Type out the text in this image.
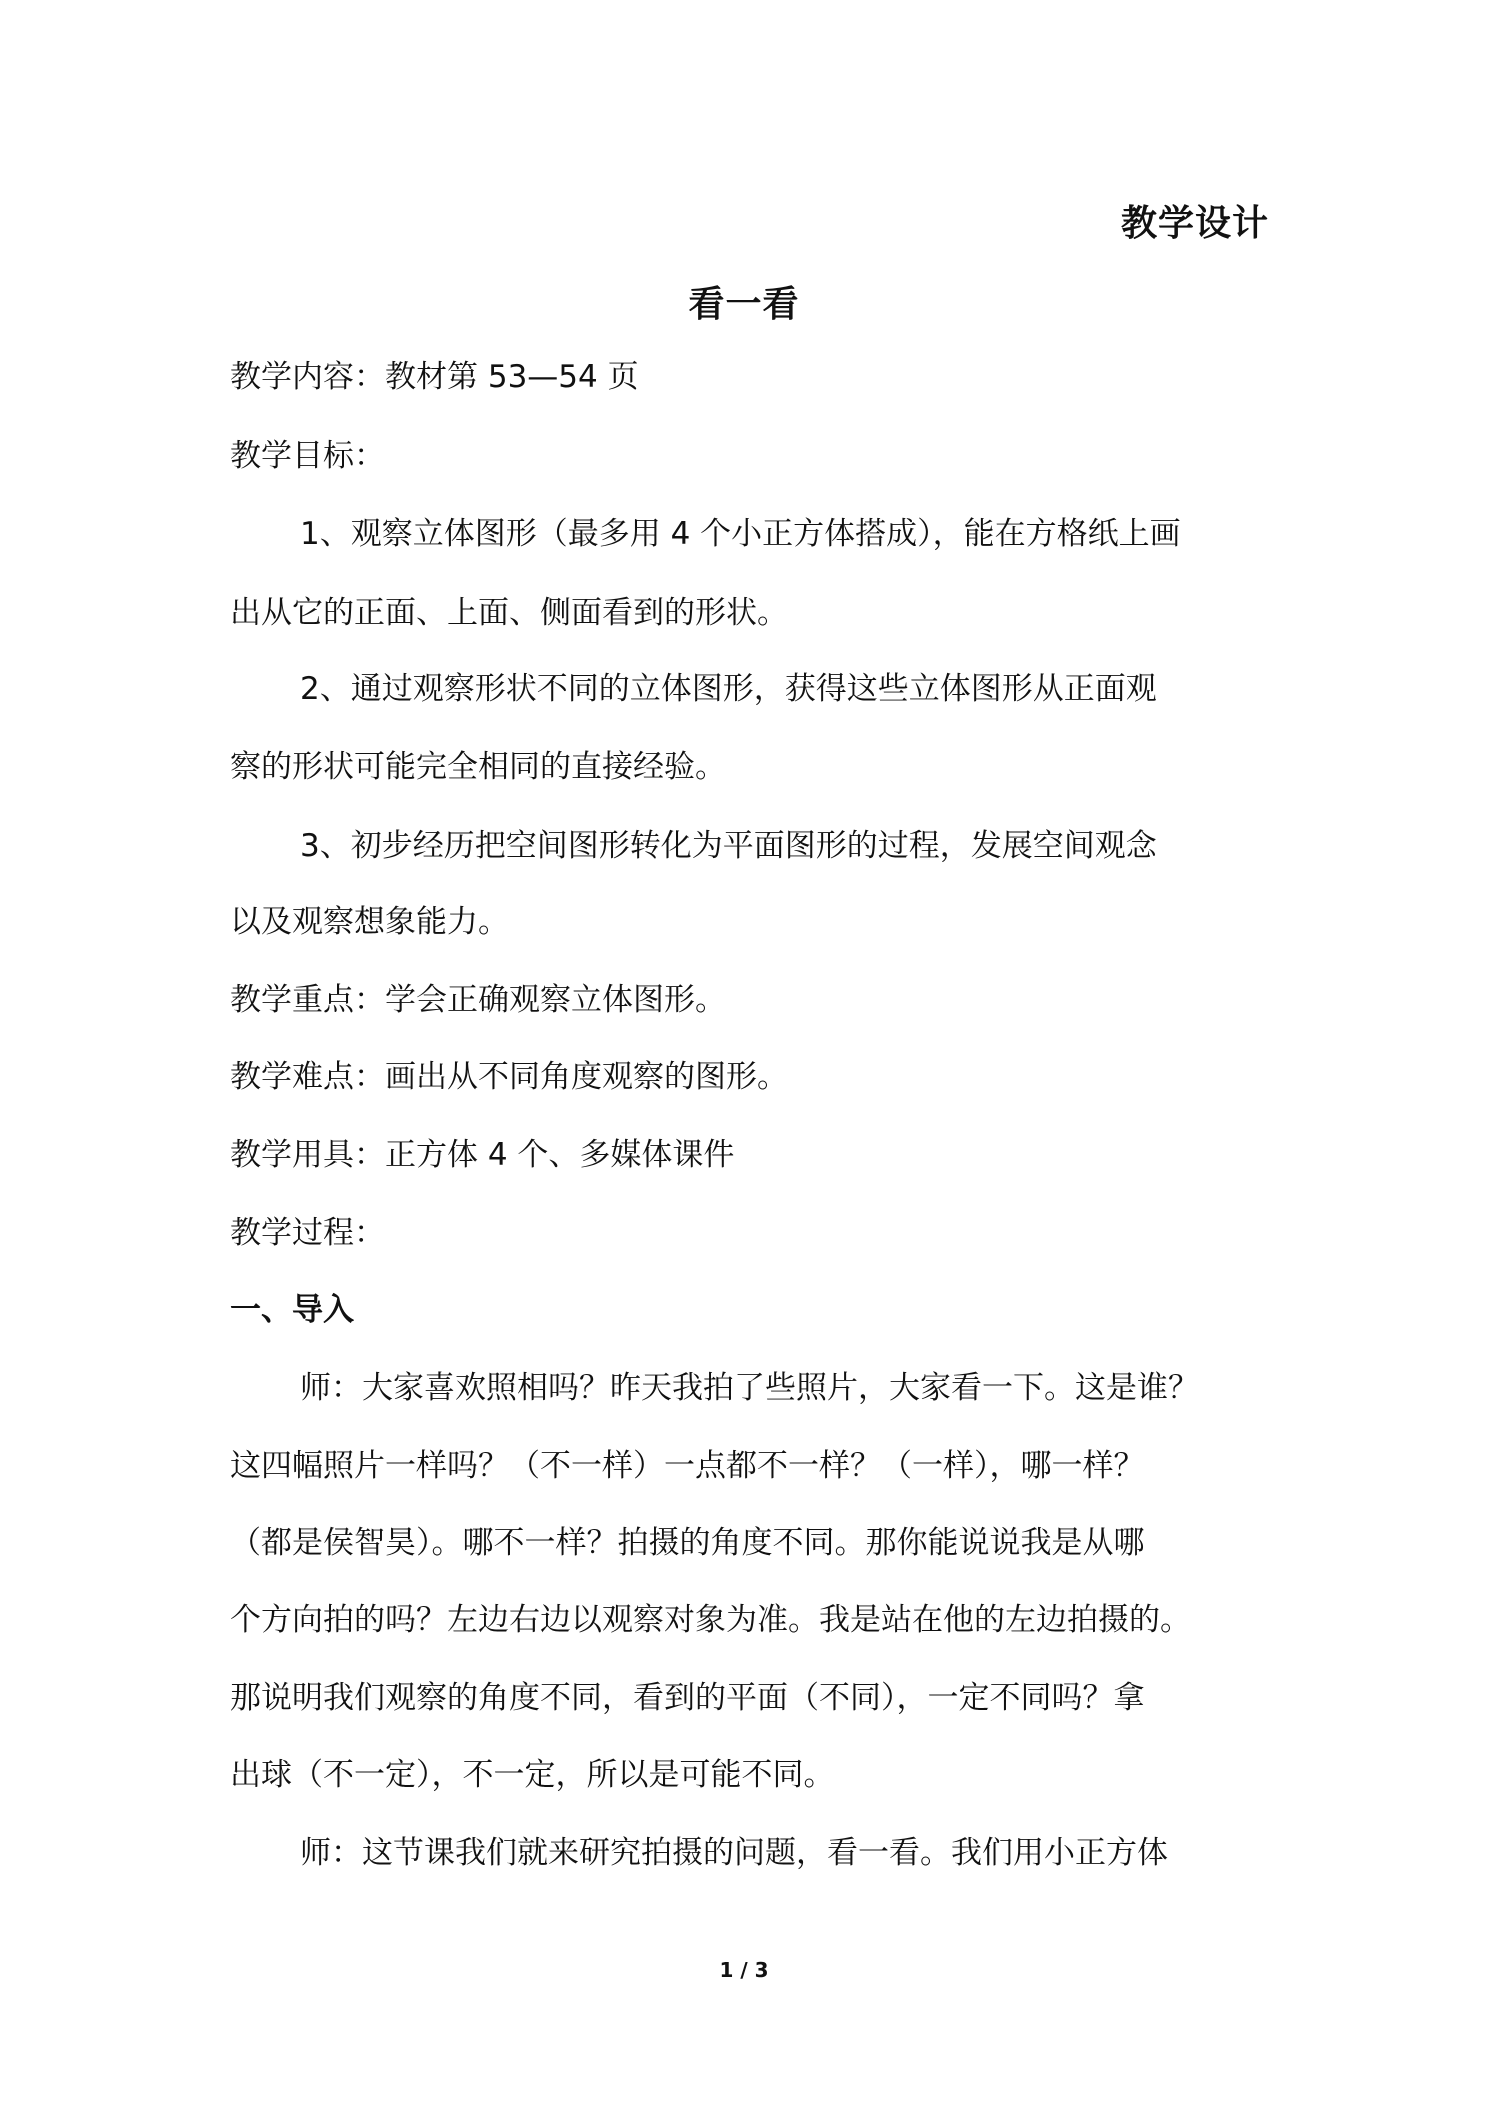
教学设计
看一看
教学内容：教材第 53—54 页
教学目标：
1、观察立体图形（最多用 4 个小正方体搭成），能在方格纸上画
出从它的正面、上面、侧面看到的形状。
2、通过观察形状不同的立体图形，获得这些立体图形从正面观
察的形状可能完全相同的直接经验。
3、初步经历把空间图形转化为平面图形的过程，发展空间观念
以及观察想象能力。
教学重点：学会正确观察立体图形。
教学难点：画出从不同角度观察的图形。
教学用具：正方体 4 个、多媒体课件
教学过程：
一、导入
师：大家喜欢照相吗？昨天我拍了些照片，大家看一下。这是谁？
这四幅照片一样吗？（不一样）一点都不一样？（一样），哪一样？
（都是侯智昊）。哪不一样？拍摄的角度不同。那你能说说我是从哪
个方向拍的吗？左边右边以观察对象为准。我是站在他的左边拍摄的。
那说明我们观察的角度不同，看到的平面（不同），一定不同吗？拿
出球（不一定），不一定，所以是可能不同。
师：这节课我们就来研究拍摄的问题，看一看。我们用小正方体
1 / 3
